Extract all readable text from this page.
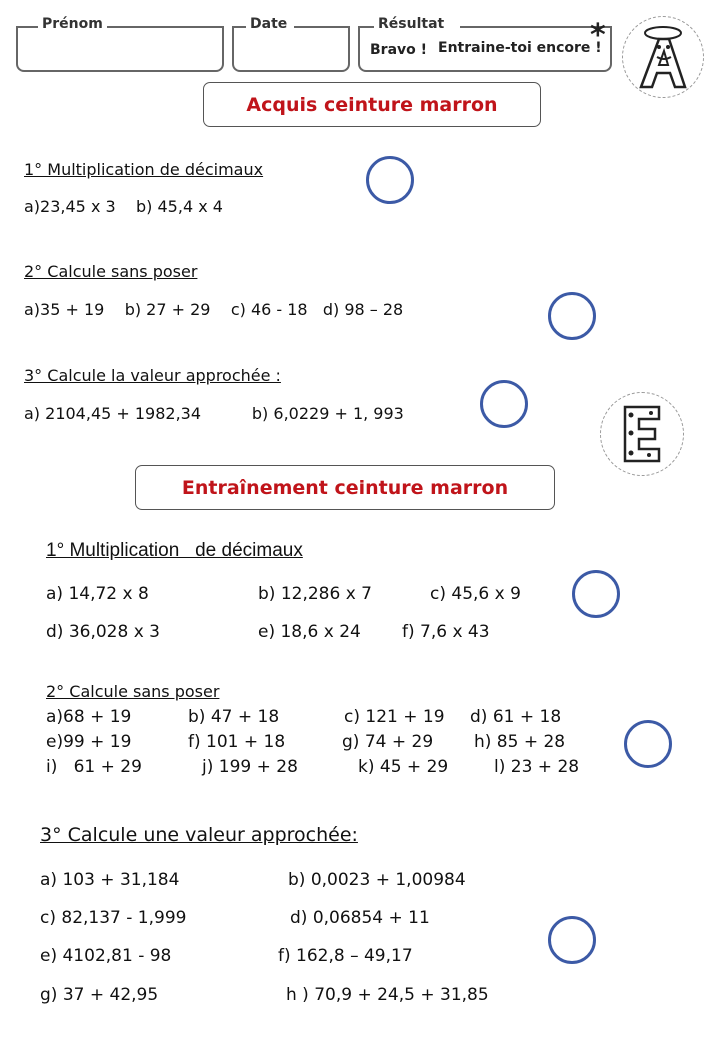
Prénom	Date	Résultat
Bravo ! Entraine-toi encore !
*
Acquis ceinture marron
1° Multiplication de décimaux
a)23,45 x 3    b) 45,4 x 4
2° Calcule sans poser
a)35 + 19    b) 27 + 29    c) 46 - 18   d) 98 – 28
3° Calcule la valeur approchée :
a) 2104,45 + 1982,34          b) 6,0229 + 1, 993
Entraînement ceinture marron
1° Multiplication   de décimaux
a) 14,72 x 8	b) 12,286 x 7	c) 45,6 x 9
d) 36,028 x 3	e) 18,6 x 24 f) 7,6 x 43
2° Calcule sans poser
a)68 + 19	b) 47 + 18	c) 121 + 19 d) 61 + 18
e)99 + 19	f) 101 + 18	g) 74 + 29 h) 85 + 28
i)   61 + 29	j) 199 + 28	k) 45 + 29	l) 23 + 28
3° Calcule une valeur approchée:
a) 103 + 31,184	b) 0,0023 + 1,00984
c) 82,137 - 1,999	d) 0,06854 + 11
e) 4102,81 - 98	f) 162,8 – 49,17
g) 37 + 42,95	h ) 70,9 + 24,5 + 31,85
